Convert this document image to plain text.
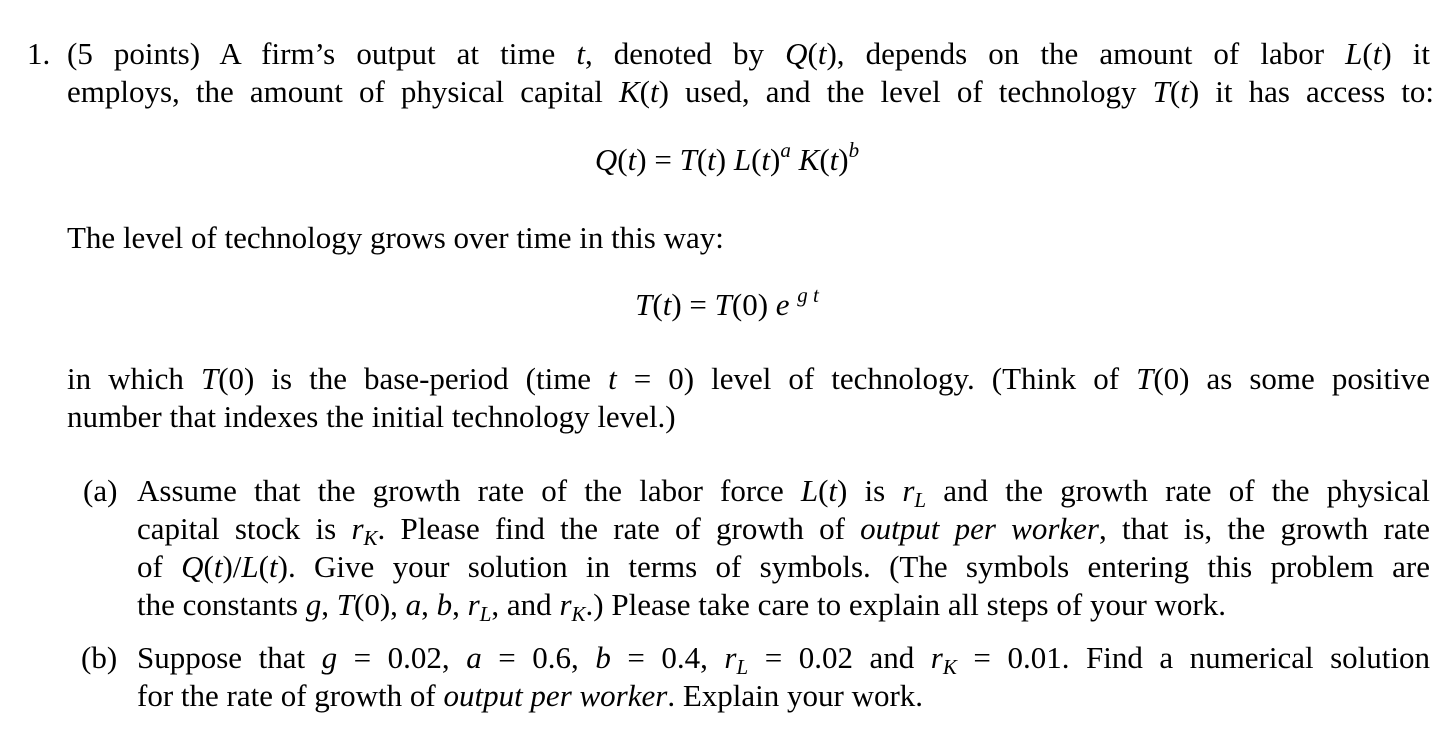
1. (5 points) A firm’s output at time t, denoted by Q(t), depends on the amount of labor L(t) it
employs, the amount of physical capital K(t) used, and the level of technology T(t) it has access to:
Q(t) = T(t) $L(t)^a$ $K(t)^b$
The level of technology grows over time in this way:
T(t) = T(0) e $^{g t}$
in which T(0) is the base-period (time t = 0) level of technology. (Think of T(0) as some positive
number that indexes the initial technology level.)
(a) Assume that the growth rate of the labor force L(t) is $r_L$ and the growth rate of the physical
capital stock is $r_K$. Please find the rate of growth of output per worker, that is, the growth rate
of Q(t)/L(t). Give your solution in terms of symbols. (The symbols entering this problem are
the constants g, T(0), a, b, $r_L$, and $r_K$.) Please take care to explain all steps of your work.
(b) Suppose that g = 0.02, a = 0.6, b = 0.4, $r_L = 0.02$ and $r_K = 0.01$. Find a numerical solution
for the rate of growth of output per worker. Explain your work.
